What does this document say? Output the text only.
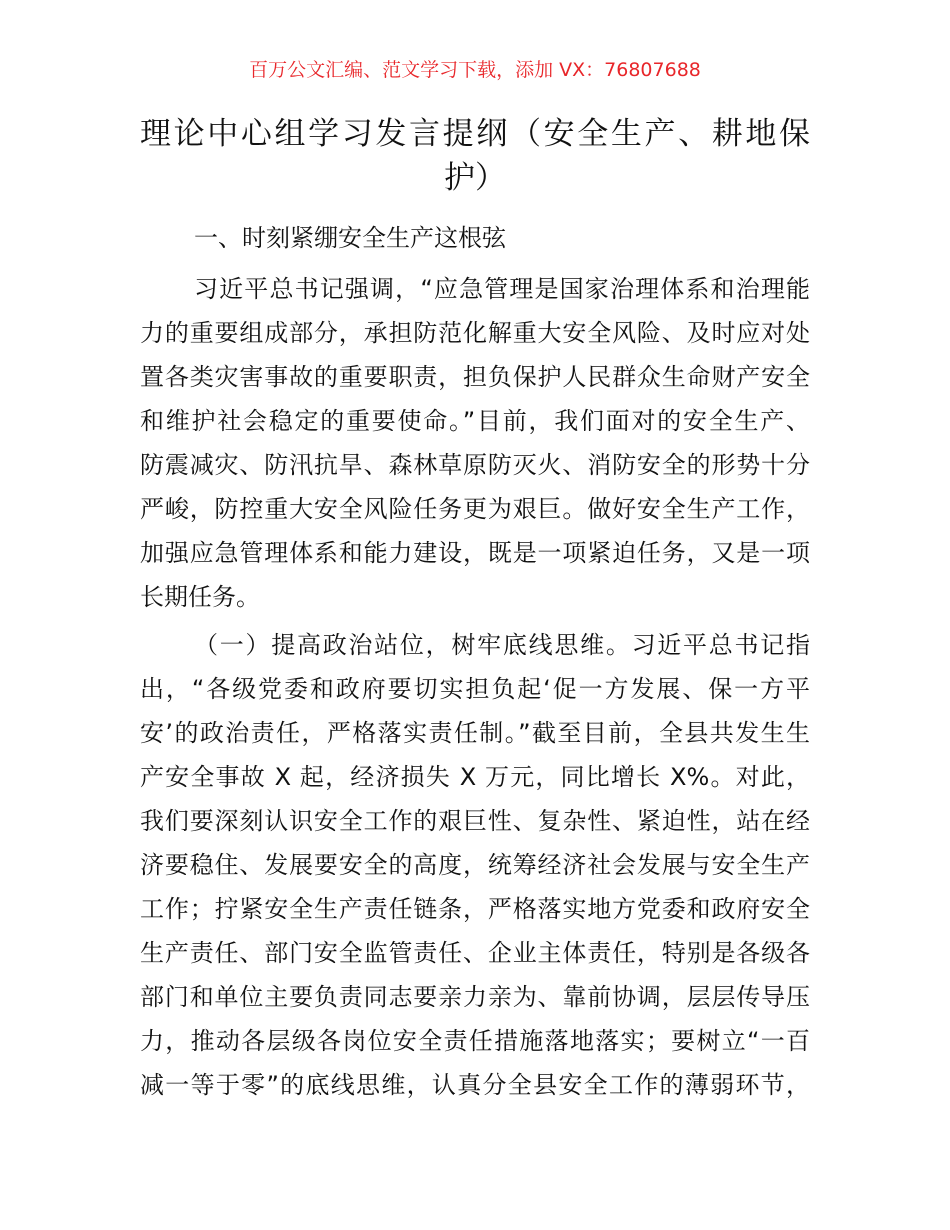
百万公文汇编、范文学习下载，添加 VX：76807688
理论中心组学习发言提纲（安全生产、耕地保
护）
一、时刻紧绷安全生产这根弦
习近平总书记强调，“应急管理是国家治理体系和治理能
力的重要组成部分，承担防范化解重大安全风险、及时应对处
置各类灾害事故的重要职责，担负保护人民群众生命财产安全
和维护社会稳定的重要使命。”目前，我们面对的安全生产、
防震减灾、防汛抗旱、森林草原防灭火、消防安全的形势十分
严峻，防控重大安全风险任务更为艰巨。做好安全生产工作，
加强应急管理体系和能力建设，既是一项紧迫任务，又是一项
长期任务。
（一）提高政治站位，树牢底线思维。习近平总书记指
出，“各级党委和政府要切实担负起‘促一方发展、保一方平
安’的政治责任，严格落实责任制。”截至目前，全县共发生生
产安全事故 X 起，经济损失 X 万元，同比增长 X%。对此，
我们要深刻认识安全工作的艰巨性、复杂性、紧迫性，站在经
济要稳住、发展要安全的高度，统筹经济社会发展与安全生产
工作；拧紧安全生产责任链条，严格落实地方党委和政府安全
生产责任、部门安全监管责任、企业主体责任，特别是各级各
部门和单位主要负责同志要亲力亲为、靠前协调，层层传导压
力，推动各层级各岗位安全责任措施落地落实；要树立“一百
减一等于零”的底线思维，认真分全县安全工作的薄弱环节，
